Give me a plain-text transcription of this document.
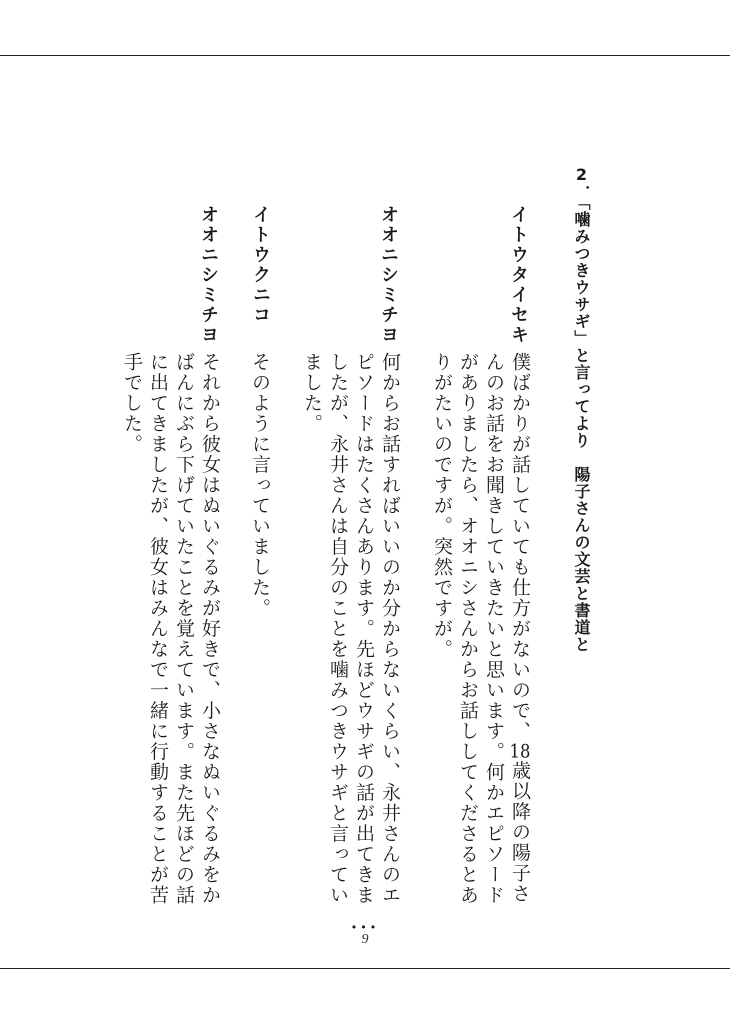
2．「噛みつきウサギ」と言ってより　陽子さんの文芸と書道と
イトウタイセキ
僕ばかりが話していても仕方がないので、18歳以降の陽子さ
んのお話をお聞きしていきたいと思います。何かエピソード
がありましたら、オオニシさんからお話ししてくださるとあ
りがたいのですが。突然ですが。
オオニシミチヨ
何からお話すればいいのか分からないくらい、永井さんのエ
ピソードはたくさんあります。先ほどウサギの話が出てきま
したが、永井さんは自分のことを噛みつきウサギと言ってい
ました。
イトウクニコ
そのように言っていました。
オオニシミチヨ
それから彼女はぬいぐるみが好きで、小さなぬいぐるみをか
ばんにぶら下げていたことを覚えています。また先ほどの話
に出てきましたが、彼女はみんなで一緒に行動することが苦
手でした。
•••
9
